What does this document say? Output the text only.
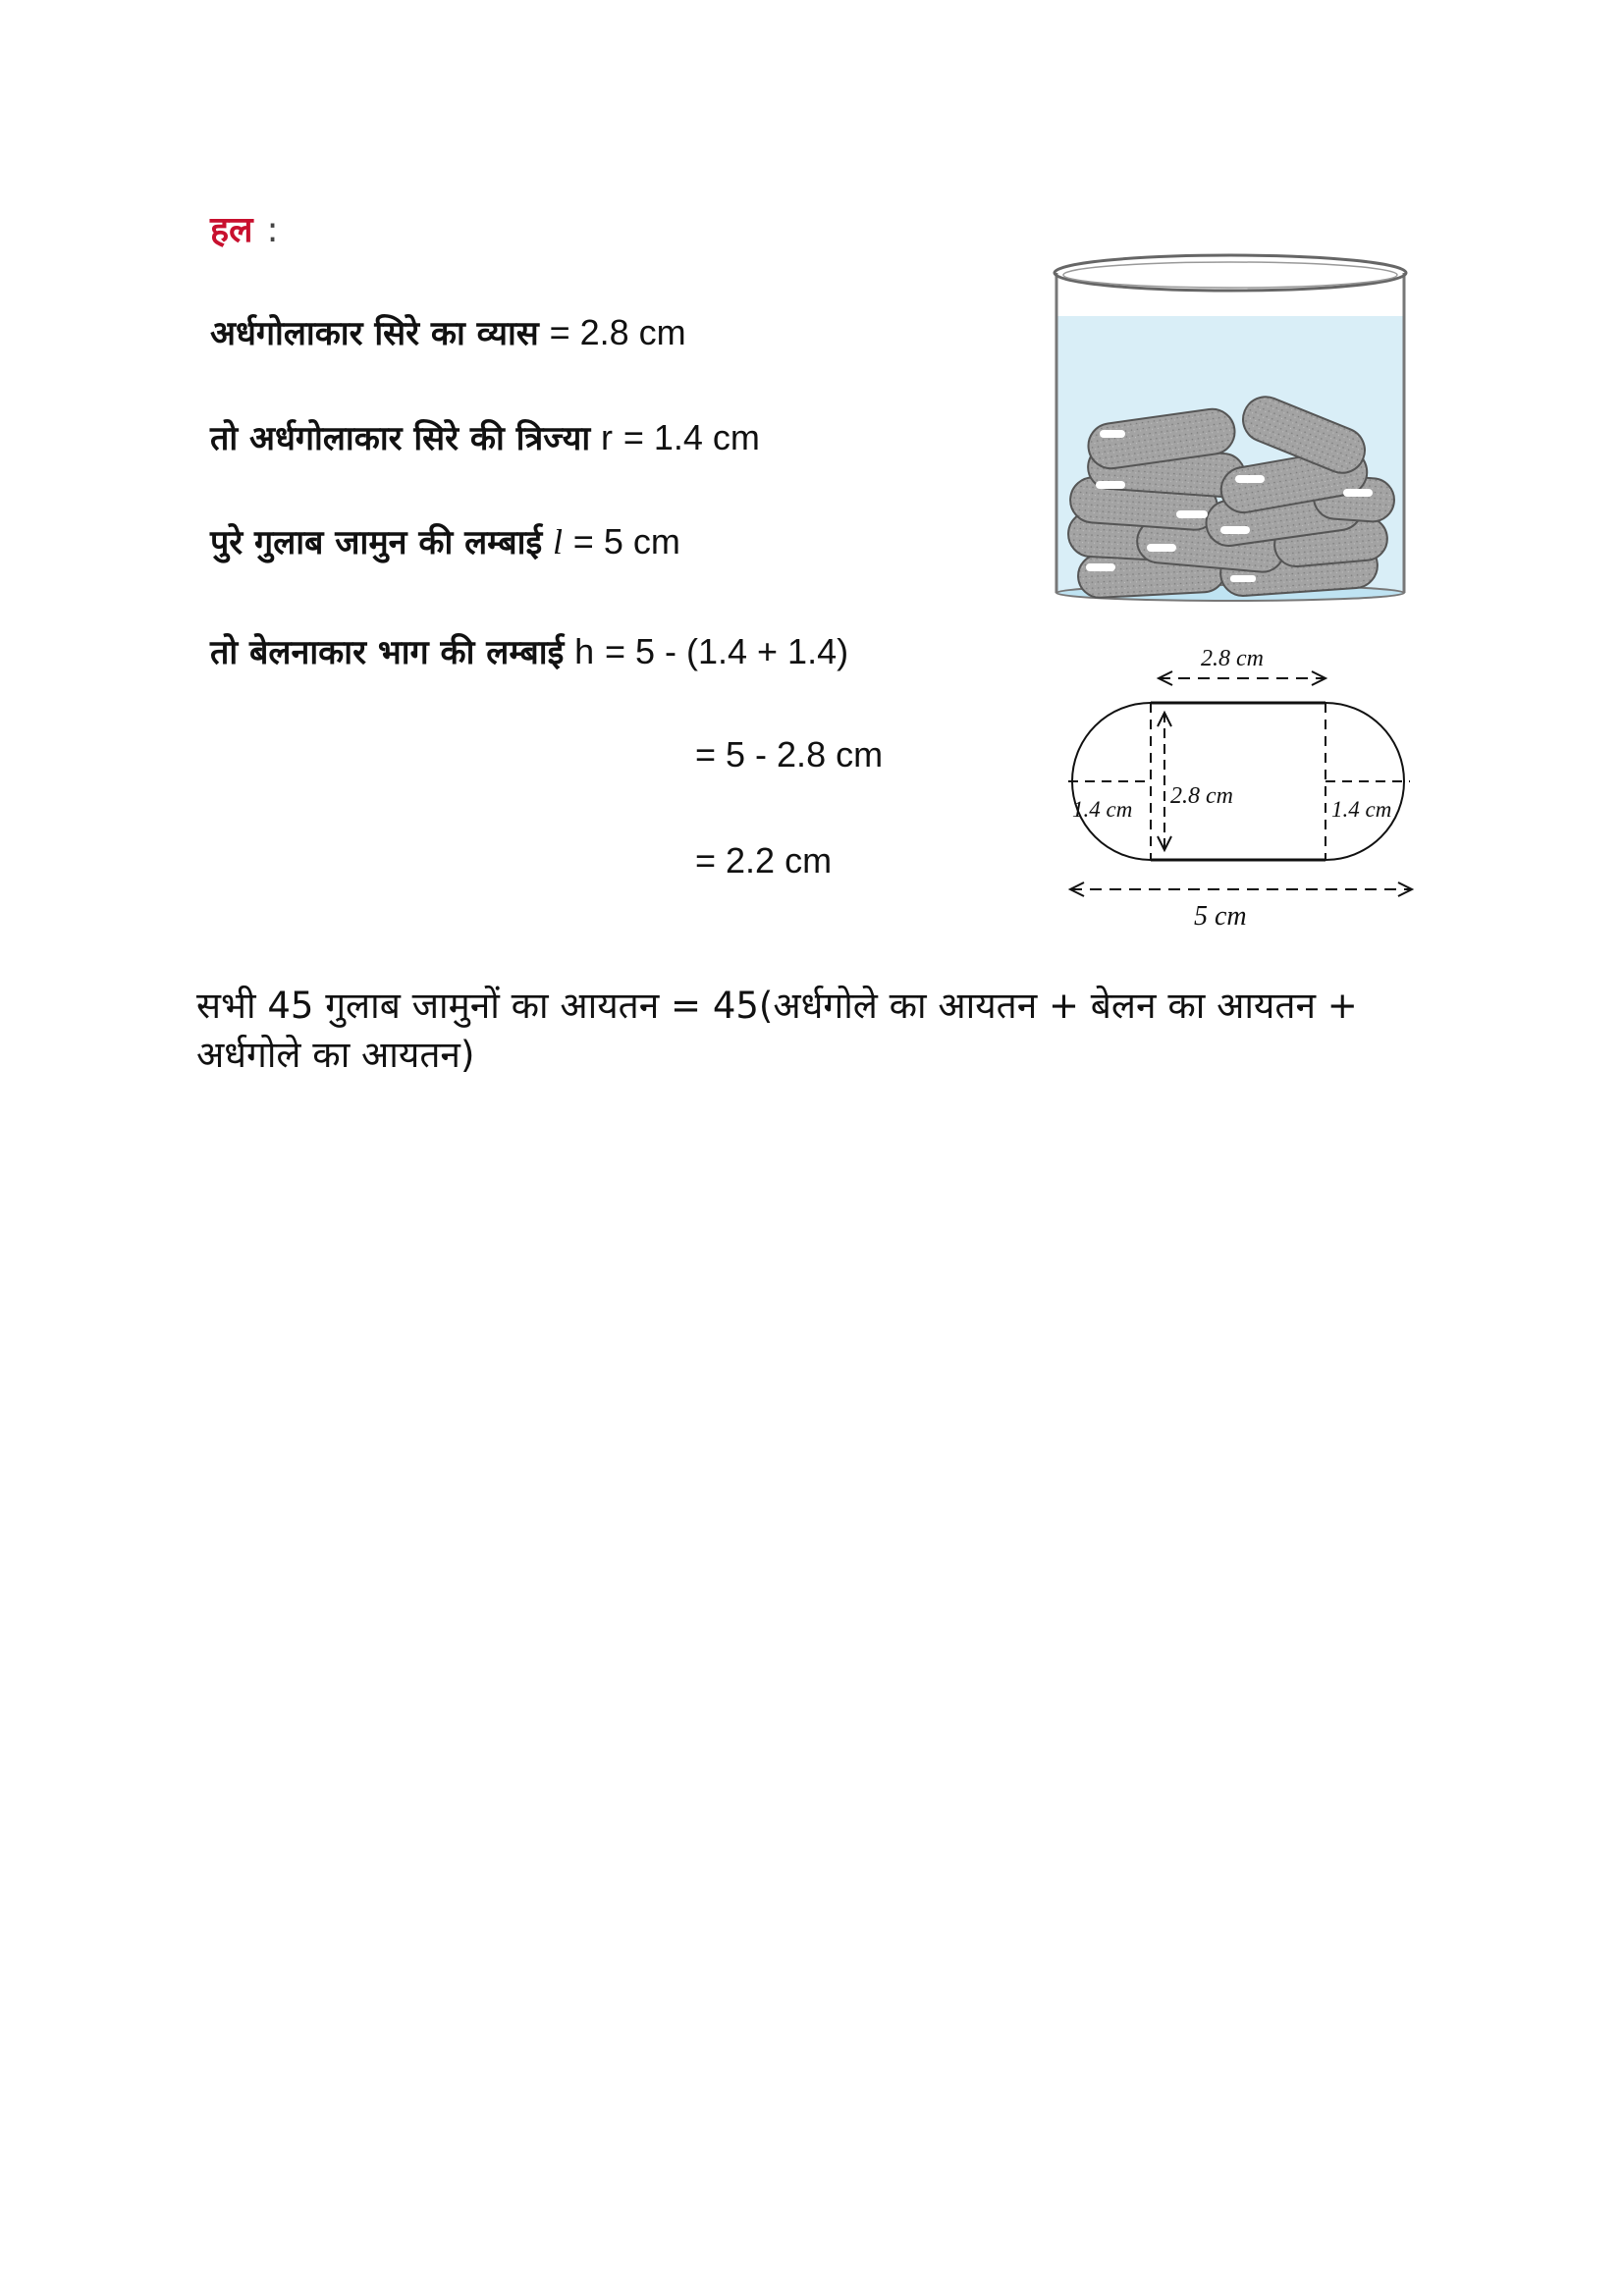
हल :
अर्धगोलाकार सिरे का व्यास = 2.8 cm
तो अर्धगोलाकार सिरे की त्रिज्या r = 1.4 cm
पुरे गुलाब जामुन की लम्बाई l = 5 cm
तो बेलनाकार भाग की लम्बाई h = 5 - (1.4 + 1.4)
= 5 - 2.8 cm
= 2.2 cm
2.8 cm
2.8 cm
1.4 cm	1.4 cm
5 cm
सभी 45 गुलाब जामुनों का आयतन = 45(अर्धगोले का आयतन + बेलन का आयतन + अर्धगोले का आयतन)
